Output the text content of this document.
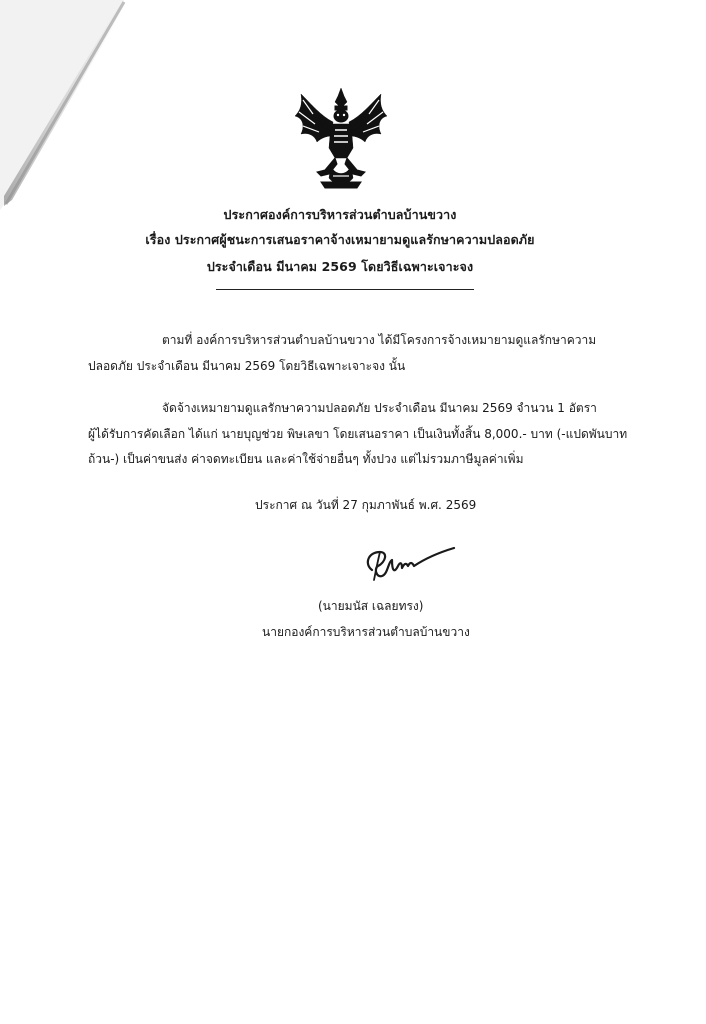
ประกาศองค์การบริหารส่วนตำบลบ้านขวาง
เรื่อง ประกาศผู้ชนะการเสนอราคาจ้างเหมายามดูแลรักษาความปลอดภัย
ประจำเดือน มีนาคม 2569 โดยวิธีเฉพาะเจาะจง
ตามที่ องค์การบริหารส่วนตำบลบ้านขวาง ได้มีโครงการจ้างเหมายามดูแลรักษาความ
ปลอดภัย ประจำเดือน มีนาคม 2569 โดยวิธีเฉพาะเจาะจง นั้น
จัดจ้างเหมายามดูแลรักษาความปลอดภัย ประจำเดือน มีนาคม 2569 จำนวน 1 อัตรา
ผู้ได้รับการคัดเลือก ได้แก่ นายบุญช่วย พิษเลขา โดยเสนอราคา เป็นเงินทั้งสิ้น 8,000.- บาท (-แปดพันบาท
ถ้วน-) เป็นค่าขนส่ง ค่าจดทะเบียน และค่าใช้จ่ายอื่นๆ ทั้งปวง แต่ไม่รวมภาษีมูลค่าเพิ่ม
ประกาศ ณ วันที่ 27 กุมภาพันธ์ พ.ศ. 2569
(นายมนัส เฉลยทรง)
นายกองค์การบริหารส่วนตำบลบ้านขวาง
